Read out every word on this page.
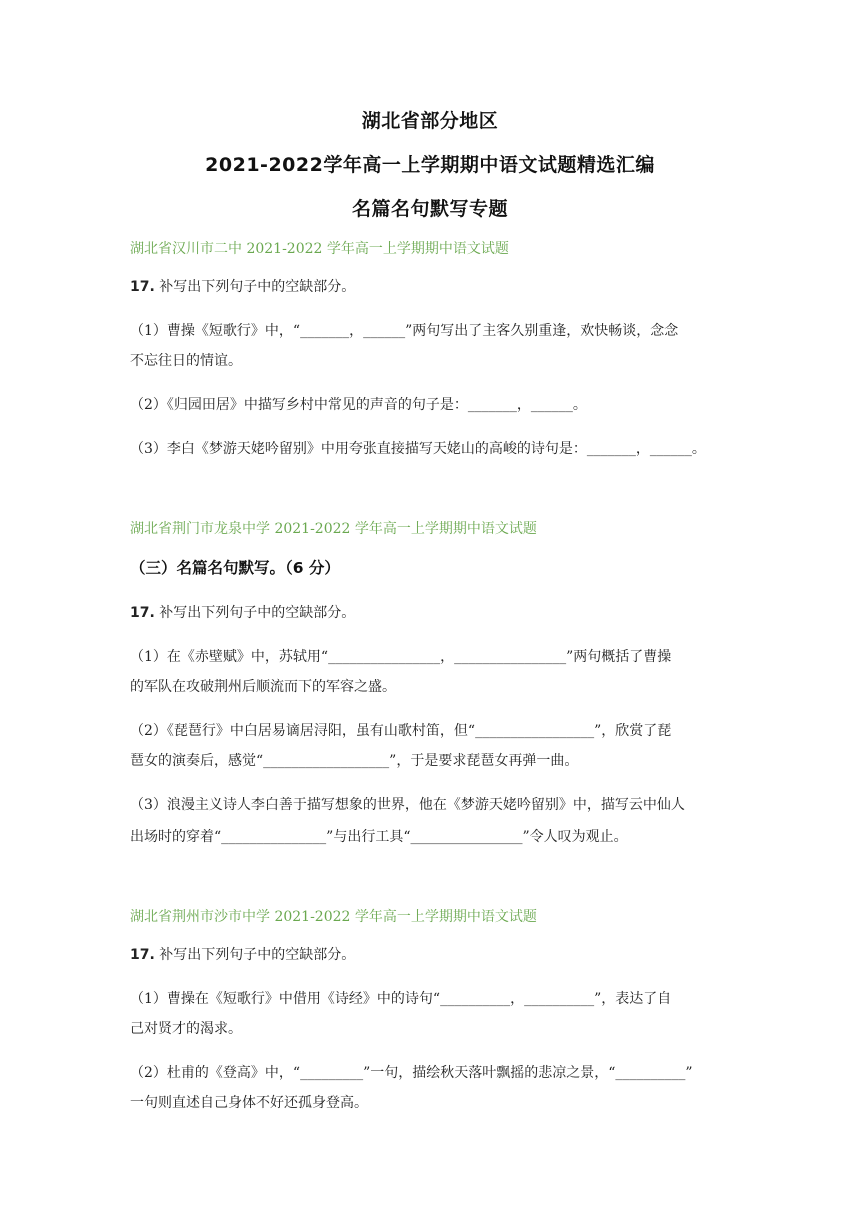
湖北省部分地区
2021-2022学年高一上学期期中语文试题精选汇编
名篇名句默写专题
湖北省汉川市二中 2021-2022 学年高一上学期期中语文试题
17. 补写出下列句子中的空缺部分。
（1）曹操《短歌行》中，“_______，______”两句写出了主客久别重逢，欢快畅谈，念念
不忘往日的情谊。
（2）《归园田居》中描写乡村中常见的声音的句子是：_______，______。
（3）李白《梦游天姥吟留别》中用夸张直接描写天姥山的高峻的诗句是：_______，______。
湖北省荆门市龙泉中学 2021-2022 学年高一上学期期中语文试题
（三）名篇名句默写。（6 分）
17. 补写出下列句子中的空缺部分。
（1）在《赤壁赋》中，苏轼用“________________，________________”两句概括了曹操
的军队在攻破荆州后顺流而下的军容之盛。
（2）《琵琶行》中白居易谪居浔阳，虽有山歌村笛，但“_________________”，欣赏了琵
琶女的演奏后，感觉“__________________”，于是要求琵琶女再弹一曲。
（3）浪漫主义诗人李白善于描写想象的世界，他在《梦游天姥吟留别》中，描写云中仙人
出场时的穿着“_______________”与出行工具“________________”令人叹为观止。
湖北省荆州市沙市中学 2021-2022 学年高一上学期期中语文试题
17. 补写出下列句子中的空缺部分。
（1）曹操在《短歌行》中借用《诗经》中的诗句“__________，__________”，表达了自
己对贤才的渴求。
（2）杜甫的《登高》中，“_________”一句，描绘秋天落叶飘摇的悲凉之景，“__________”
一句则直述自己身体不好还孤身登高。
